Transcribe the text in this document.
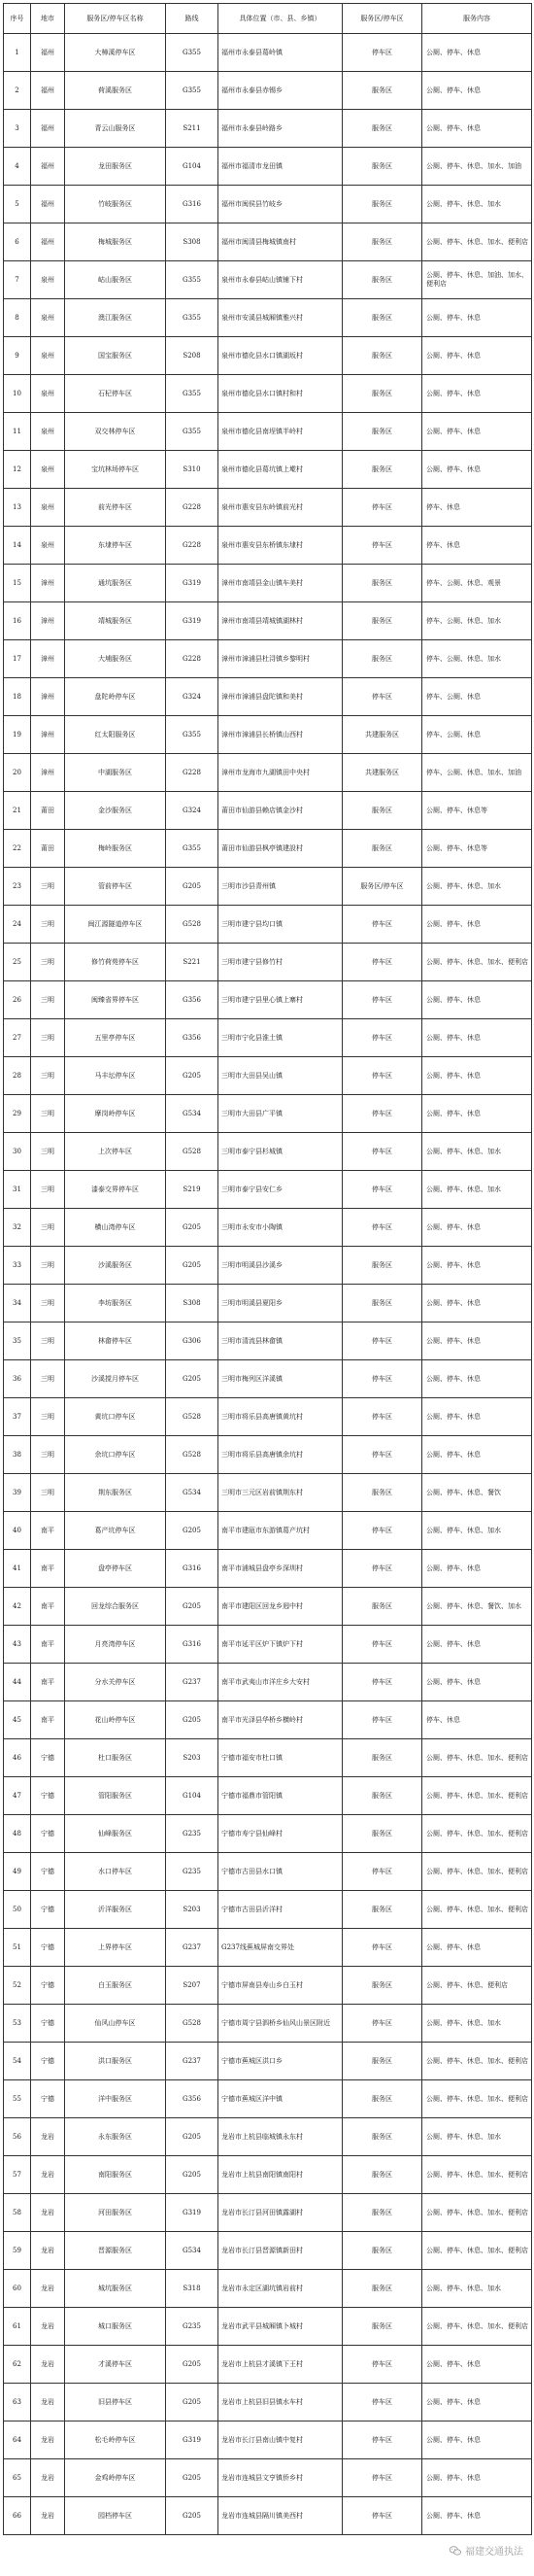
序号	地市	服务区/停车区名称	路线	具体位置（市、县、乡镇）	服务区/停车区	服务内容
1	福州	大樟溪停车区	G355	福州市永泰县葛岭镇	停车区	公厕、停车、休息
2	福州	荷溪服务区	G355	福州市永泰县赤锡乡	服务区	公厕、停车、休息
3	福州	青云山服务区	S211	福州市永泰县岭路乡	服务区	公厕、停车、休息
4	福州	龙田服务区	G104	福州市福清市龙田镇	服务区	公厕、停车、休息、加水、加油
5	福州	竹岐服务区	G316	福州市闽侯县竹岐乡	服务区	公厕、停车、休息、加水
6	福州	梅城服务区	S308	福州市闽清县梅城镇南村	服务区	公厕、停车、休息、加水、便利店
7	泉州	岵山服务区	G355	泉州市永春县岵山镇铺下村	服务区	公厕、停车、休息、加油、加水、便利店
8	泉州	澳江服务区	G355	泉州市安溪县城厢镇雅兴村	服务区	公厕、停车、休息
9	泉州	国宝服务区	S208	泉州市德化县水口镇湖坂村	服务区	公厕、停车、休息
10	泉州	石杞停车区	G355	泉州市德化县水口镇村和村	服务区	公厕、停车、休息
11	泉州	双交林停车区	G355	泉州市德化县南埕镇半岭村	服务区	公厕、停车、休息
12	泉州	宝坑林场停车区	S310	泉州市德化县葛坑镇上墘村	服务区	公厕、停车、休息
13	泉州	前光停车区	G228	泉州市惠安县东岭镇前光村	停车区	停车、休息
14	泉州	东埭停车区	G228	泉州市惠安县东桥镇东埭村	停车区	停车、休息
15	漳州	通坑服务区	G319	漳州市南靖县金山镇车美村	服务区	停车、公厕、休息、观景
16	漳州	靖城服务区	G319	漳州市南靖县靖城镇湖林村	服务区	停车、公厕、休息、加水
17	漳州	大埔服务区	G228	漳州市漳浦县杜浔镇乡黎明村	服务区	停车、公厕、休息、加水
18	漳州	盘陀岭停车区	G324	漳州市漳浦县盘陀镇和美村	停车区	停车、公厕、休息
19	漳州	红太阳服务区	G355	漳州市漳浦县长桥镇山西村	共建服务区	停车、公厕、休息
20	漳州	中湖服务区	G228	漳州市龙海市九湖镇田中央村	共建服务区	停车、公厕、休息、加水、加油
21	莆田	金沙服务区	G324	莆田市仙游县赖店镇金沙村	服务区	公厕、停车、休息等
22	莆田	梅岭服务区	G355	莆田市仙游县枫亭镇建設村	服务区	公厕、停车、休息等
23	三明	管前停车区	G205	三明市沙县青州镇	服务区/停车区	公厕、停车、休息、加水
24	三明	闽江源隧道停车区	G528	三明市建宁县均口镇	停车区	公厕、停车、休息
25	三明	修竹荷苑停车区	S221	三明市建宁县修竹村	停车区	公厕、停车、休息、加水、便利店
26	三明	闽臻省界停车区	G356	三明市建宁县里心镇上寨村	停车区	公厕、停车、休息
27	三明	五里亭停车区	G356	三明市宁化县淮土镇	停车区	公厕、停车、休息
28	三明	马丰坛停车区	G205	三明市大田县吴山镇	停车区	公厕、停车、休息
29	三明	摩岗岭停车区	G534	三明市大田县广平镇	停车区	公厕、停车、休息
30	三明	上次停车区	G528	三明市泰宁县杉城镇	停车区	公厕、停车、休息、加水
31	三明	漆泰交界停车区	S219	三明市泰宁县安仁乡	停车区	公厕、停车、休息、加水
32	三明	横山湾停车区	G205	三明市永安市小陶镇	停车区	公厕、停车、休息
33	三明	沙溪服务区	G205	三明市明溪县沙溪乡	服务区	公厕、停车、休息
34	三明	李坊服务区	S308	三明市明溪县夏阳乡	服务区	公厕、停车、休息
35	三明	林畲停车区	G306	三明市清流县林畲镇	停车区	公厕、停车、休息
36	三明	沙溪搅月停车区	G205	三明市梅列区洋溪镇	停车区	公厕、停车、休息
37	三明	黄坑口停车区	G528	三明市将乐县高唐镇黄坑村	停车区	公厕、停车、休息
38	三明	余坑口停车区	G528	三明市将乐县高唐镇余坑村	停车区	公厕、停车、休息
39	三明	荆东服务区	G534	三明市三元区岩前镇荆东村	服务区	公厕、停车、休息、餐饮
40	南平	葛产坑停车区	G205	南平市建瓯市东游镇葛产坑村	停车区	公厕、停车、休息、加水
41	南平	盘亭停车区	G316	南平市浦城县盘亭乡深圳村	停车区	公厕、停车、休息
42	南平	回龙综合服务区	G205	南平市建阳区回龙乡迥中村	服务区	公厕、停车、休息、餐饮、加水
43	南平	月亮湾停车区	G316	南平市延平区炉下镇炉下村	停车区	公厕、停车、休息
44	南平	分水关停车区	G237	南平市武夷山市洋庄乡大安村	停车区	公厕、停车、休息
45	南平	花山岭停车区	G205	南平市光泽县华桥乡横岭村	停车区	停车、休息
46	宁德	杜口服务区	S203	宁德市福安市杜口镇	服务区	公厕、停车、休息、加水、便利店
47	宁德	管阳服务区	G104	宁德市福鼎市管阳镇	服务区	公厕、停车、休息、加水、便利店
48	宁德	仙峰服务区	G235	宁德市寿宁县仙峰村	服务区	公厕、停车、休息、加水、便利店
49	宁德	水口停车区	G235	宁德市古田县水口镇	停车区	公厕、停车、休息、加水、便利店
50	宁德	沂洋服务区	S203	宁德市古田县沂洋村	服务区	公厕、停车、休息、加水、便利店
51	宁德	上界停车区	G237	G237线蕉城屏南交界处	停车区	公厕、停车、休息
52	宁德	白玉服务区	S207	宁德市屏南县寿山乡白玉村	服务区	公厕、停车、休息、便利店
53	宁德	仙风山停车区	G528	宁德市周宁县泗桥乡仙风山景区附近	停车区	公厕、停车、休息、加水
54	宁德	洪口服务区	G237	宁德市蕉城区洪口乡	服务区	公厕、停车、休息、加水、便利店
55	宁德	洋中服务区	G356	宁德市蕉城区洋中镇	服务区	公厕、停车、休息、加水、便利店
56	龙岩	永东服务区	G205	龙岩市上杭县临城镇永东村	服务区	公厕、停车、休息、加水
57	龙岩	南阳服务区	G205	龙岩市上杭县南阳镇南阳村	服务区	公厕、停车、休息、加水、便利店
58	龙岩	河田服务区	G319	龙岩市长汀县河田镇露湖村	服务区	公厕、停车、休息、加水、便利店
59	龙岩	晋源服务区	G534	龙岩市长汀县晋源镇新田村	服务区	公厕、停车、休息、加水、便利店
60	龙岩	城坑服务区	S318	龙岩市永定区湖坑镇岩前村	服务区	公厕、停车、休息、加水
61	龙岩	城口服务区	G235	龙岩市武平县城厢镇卜城村	服务区	公厕、停车、休息、加水、便利店
62	龙岩	才溪停车区	G205	龙岩市上杭县才溪镇下王村	停车区	公厕、停车、休息
63	龙岩	旧县停车区	G205	龙岩市上杭县旧县镇水车村	停车区	公厕、停车、休息
64	龙岩	松毛岭停车区	G319	龙岩市长汀县南山镇中复村	停车区	公厕、停车、休息
65	龙岩	金鸡岭停车区	G205	龙岩市连城县文亨镇侨乡村	停车区	公厕、停车、休息
66	龙岩	园档停车区	G205	龙岩市连城县隔川镇美西村	停车区	公厕、停车、休息
福建交通执法
